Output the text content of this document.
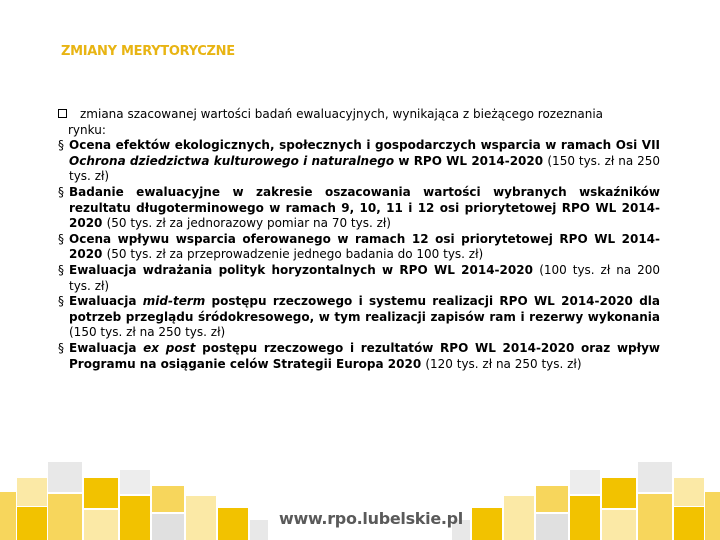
ZMIANY MERYTORYCZNE
zmiana szacowanej wartości badań ewaluacyjnych, wynikająca z bieżącego rozeznania
rynku:
§ Ocena efektów ekologicznych, społecznych i gospodarczych wsparcia w ramach Osi VII Ochrona dziedzictwa kulturowego i naturalnego w RPO WL 2014-2020 (150 tys. zł na 250 tys. zł)
§ Badanie ewaluacyjne w zakresie oszacowania wartości wybranych wskaźników rezultatu długoterminowego w ramach 9, 10, 11 i 12 osi priorytetowej RPO WL 2014-2020 (50 tys. zł za jednorazowy pomiar na 70 tys. zł)
§ Ocena wpływu wsparcia oferowanego w ramach 12 osi priorytetowej RPO WL 2014-2020 (50 tys. zł za przeprowadzenie jednego badania do 100 tys. zł)
§ Ewaluacja wdrażania polityk horyzontalnych w RPO WL 2014-2020 (100 tys. zł na 200 tys. zł)
§ Ewaluacja mid-term postępu rzeczowego i systemu realizacji RPO WL 2014-2020 dla potrzeb przeglądu śródokresowego, w tym realizacji zapisów ram i rezerwy wykonania (150 tys. zł na 250 tys. zł)
§ Ewaluacja ex post postępu rzeczowego i rezultatów RPO WL 2014-2020 oraz wpływ Programu na osiąganie celów Strategii Europa 2020 (120 tys. zł na 250 tys. zł)
www.rpo.lubelskie.pl
